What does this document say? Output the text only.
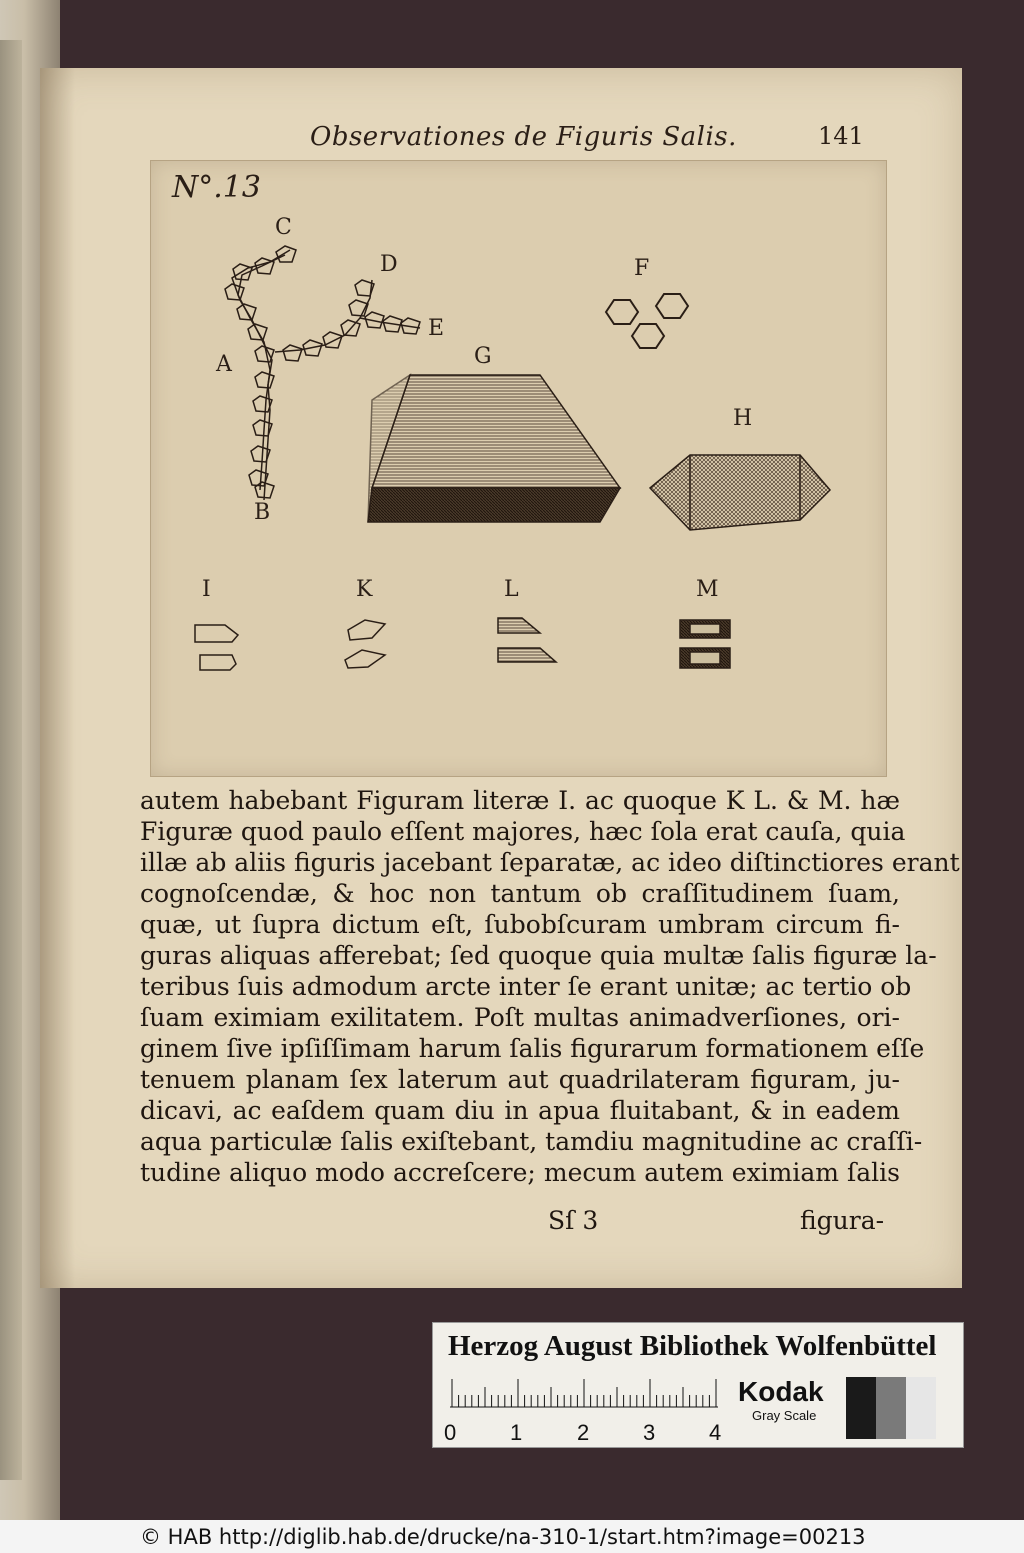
Observationes de Figuris Salis.	141
N°.13
C
D
E
F
A	G
H
B
I	K	L	M
autem habebant Figuram literæ I. ac quoque K L. & M. hæ
Figuræ quod paulo eſſent majores, hæc ſola erat cauſa, quia
illæ ab aliis figuris jacebant ſeparatæ, ac ideo diſtinctiores erant
cognoſcendæ, & hoc non tantum ob craſſitudinem ſuam,
quæ, ut ſupra dictum eſt, ſubobſcuram umbram circum fi-
guras aliquas afferebat; ſed quoque quia multæ ſalis figuræ la-
teribus ſuis admodum arcte inter ſe erant unitæ; ac tertio ob
ſuam eximiam exilitatem. Poſt multas animadverſiones, ori-
ginem ſive ipſiſſimam harum ſalis figurarum formationem eſſe
tenuem planam ſex laterum aut quadrilateram figuram, ju-
dicavi, ac eaſdem quam diu in apua fluitabant, & in eadem
aqua particulæ ſalis exiſtebant, tamdiu magnitudine ac craſſi-
tudine aliquo modo accreſcere; mecum autem eximiam ſalis
Sſ 3	figura-
Herzog August Bibliothek Wolfenbüttel
0 1 2 3 4
Kodak
Gray Scale
© HAB http://diglib.hab.de/drucke/na-310-1/start.htm?image=00213
